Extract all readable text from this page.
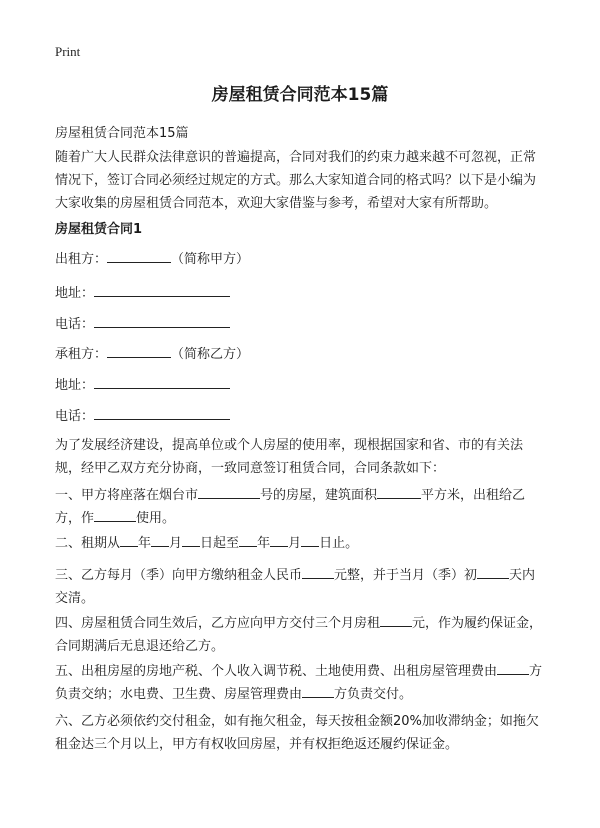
Print
房屋租赁合同范本15篇
房屋租赁合同范本15篇
随着广大人民群众法律意识的普遍提高，合同对我们的约束力越来越不可忽视，正常情况下，签订合同必须经过规定的方式。那么大家知道合同的格式吗？以下是小编为大家收集的房屋租赁合同范本，欢迎大家借鉴与参考，希望对大家有所帮助。
房屋租赁合同1
出租方：	（简称甲方）
地址：
电话：
承租方：	（简称乙方）
地址：
电话：
为了发展经济建设，提高单位或个人房屋的使用率，现根据国家和省、市的有关法规，经甲乙双方充分协商，一致同意签订租赁合同，合同条款如下：
一、甲方将座落在烟台市	号的房屋，建筑面积	平方米，出租给乙方，作	使用。
二、租期从 年 月 日起至 年 月 日止。
三、乙方每月（季）向甲方缴纳租金人民币 元整，并于当月（季）初 天内交清。
四、房屋租赁合同生效后，乙方应向甲方交付三个月房租 元，作为履约保证金，合同期满后无息退还给乙方。
五、出租房屋的房地产税、个人收入调节税、土地使用费、出租房屋管理费由 方负责交纳；水电费、卫生费、房屋管理费由 方负责交付。
六、乙方必须依约交付租金，如有拖欠租金，每天按租金额20%加收滞纳金；如拖欠租金达三个月以上，甲方有权收回房屋，并有权拒绝返还履约保证金。
